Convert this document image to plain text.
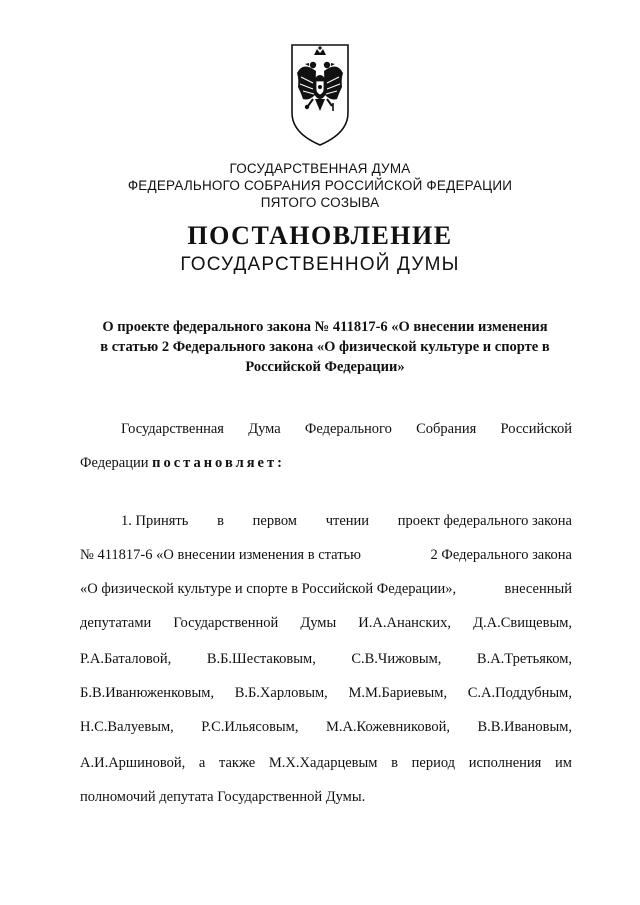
ГОСУДАРСТВЕННАЯ ДУМА
ФЕДЕРАЛЬНОГО СОБРАНИЯ РОССИЙСКОЙ ФЕДЕРАЦИИ
ПЯТОГО СОЗЫВА
ПОСТАНОВЛЕНИЕ
ГОСУДАРСТВЕННОЙ ДУМЫ
О проекте федерального закона № 411817-6 «О внесении изменения
в статью 2 Федерального закона «О физической культуре и спорте в
Российской Федерации»
Государственная Дума Федерального Собрания Российской
Федерации постановляет:
1. Принять в первом чтении проект федерального закона
№ 411817-6 «О внесении изменения в статью	2 Федерального закона
«О физической культуре и спорте в Российской Федерации»,	внесенный
депутатами Государственной Думы И.А.Ананских, Д.А.Свищевым,
Р.А.Баталовой, В.Б.Шестаковым, С.В.Чижовым, В.А.Третьяком,
Б.В.Иванюженковым, В.Б.Харловым, М.М.Бариевым, С.А.Поддубным,
Н.С.Валуевым, Р.С.Ильясовым, М.А.Кожевниковой, В.В.Ивановым,
А.И.Аршиновой, а также М.Х.Хадарцевым в период исполнения им
полномочий депутата Государственной Думы.
